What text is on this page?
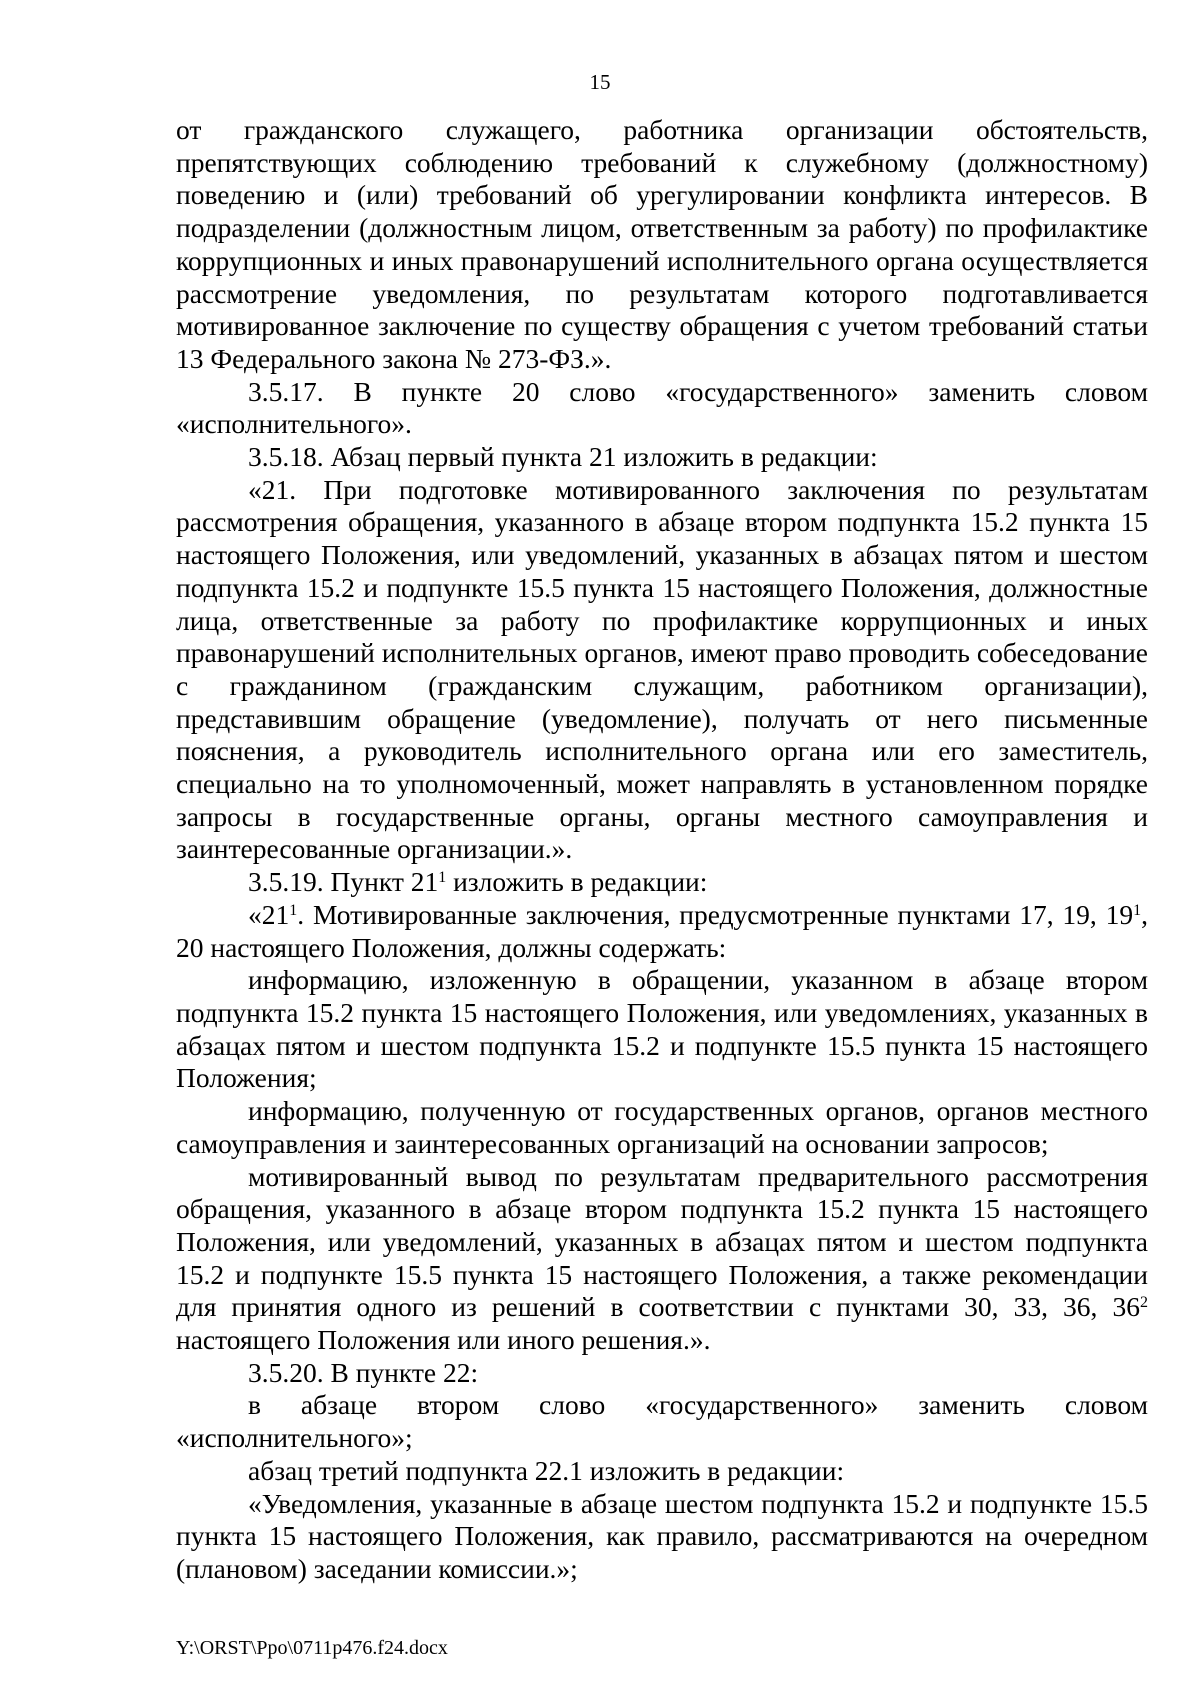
15

от гражданского служащего, работника организации обстоятельств, препятствующих соблюдению требований к служебному (должностному) поведению и (или) требований об урегулировании конфликта интересов. В подразделении (должностным лицом, ответственным за работу) по профилактике коррупционных и иных правонарушений исполнительного органа осуществляется рассмотрение уведомления, по результатам которого подготавливается мотивированное заключение по существу обращения с учетом требований статьи 13 Федерального закона № 273-ФЗ.».

3.5.17. В пункте 20 слово «государственного» заменить словом «исполнительного».

3.5.18. Абзац первый пункта 21 изложить в редакции:

«21. При подготовке мотивированного заключения по результатам рассмотрения обращения, указанного в абзаце втором подпункта 15.2 пункта 15 настоящего Положения, или уведомлений, указанных в абзацах пятом и шестом подпункта 15.2 и подпункте 15.5 пункта 15 настоящего Положения, должностные лица, ответственные за работу по профилактике коррупционных и иных правонарушений исполнительных органов, имеют право проводить собеседование с гражданином (гражданским служащим, работником организации), представившим обращение (уведомление), получать от него письменные пояснения, а руководитель исполнительного органа или его заместитель, специально на то уполномоченный, может направлять в установленном порядке запросы в государственные органы, органы местного самоуправления и заинтересованные организации.».

3.5.19. Пункт $21^1$ изложить в редакции:

«$21^1$. Мотивированные заключения, предусмотренные пунктами 17, 19, $19^1$, 20 настоящего Положения, должны содержать:

информацию, изложенную в обращении, указанном в абзаце втором подпункта 15.2 пункта 15 настоящего Положения, или уведомлениях, указанных в абзацах пятом и шестом подпункта 15.2 и подпункте 15.5 пункта 15 настоящего Положения;

информацию, полученную от государственных органов, органов местного самоуправления и заинтересованных организаций на основании запросов;

мотивированный вывод по результатам предварительного рассмотрения обращения, указанного в абзаце втором подпункта 15.2 пункта 15 настоящего Положения, или уведомлений, указанных в абзацах пятом и шестом подпункта 15.2 и подпункте 15.5 пункта 15 настоящего Положения, а также рекомендации для принятия одного из решений в соответствии с пунктами 30, 33, 36, $36^2$ настоящего Положения или иного решения.».

3.5.20. В пункте 22:

в абзаце втором слово «государственного» заменить словом «исполнительного»;

абзац третий подпункта 22.1 изложить в редакции:

«Уведомления, указанные в абзаце шестом подпункта 15.2 и подпункте 15.5 пункта 15 настоящего Положения, как правило, рассматриваются на очередном (плановом) заседании комиссии.»;

Y:\ORST\Ppo\0711p476.f24.docx
